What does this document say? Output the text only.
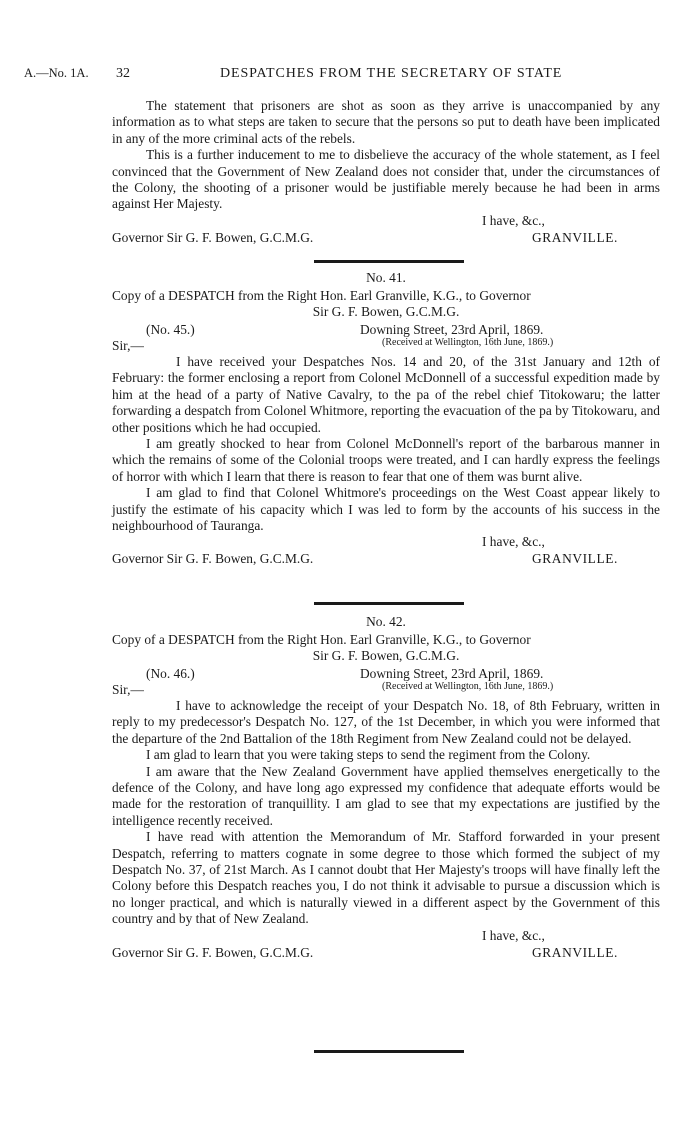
A.—No. 1A. 32	DESPATCHES FROM THE SECRETARY OF STATE

The statement that prisoners are shot as soon as they arrive is unaccompanied by any information as to what steps are taken to secure that the persons so put to death have been implicated in any of the more criminal acts of the rebels.

This is a further inducement to me to disbelieve the accuracy of the whole statement, as I feel convinced that the Government of New Zealand does not consider that, under the circumstances of the Colony, the shooting of a prisoner would be justifiable merely because he had been in arms against Her Majesty.

I have, &c.,
Governor Sir G. F. Bowen, G.C.M.G.	GRANVILLE.
No. 41.
Copy of a DESPATCH from the Right Hon. Earl Granville, K.G., to Governor
Sir G. F. Bowen, G.C.M.G.
(No. 45.)	Downing Street, 23rd April, 1869.
Sir,—	(Received at Wellington, 16th June, 1869.)

I have received your Despatches Nos. 14 and 20, of the 31st January and 12th of February: the former enclosing a report from Colonel McDonnell of a successful expedition made by him at the head of a party of Native Cavalry, to the pa of the rebel chief Titokowaru; the latter forwarding a despatch from Colonel Whitmore, reporting the evacuation of the pa by Titokowaru, and other positions which he had occupied.

I am greatly shocked to hear from Colonel McDonnell's report of the barbarous manner in which the remains of some of the Colonial troops were treated, and I can hardly express the feelings of horror with which I learn that there is reason to fear that one of them was burnt alive.

I am glad to find that Colonel Whitmore's proceedings on the West Coast appear likely to justify the estimate of his capacity which I was led to form by the accounts of his success in the neighbourhood of Tauranga.

I have, &c.,
Governor Sir G. F. Bowen, G.C.M.G.	GRANVILLE.
No. 42.
Copy of a DESPATCH from the Right Hon. Earl Granville, K.G., to Governor
Sir G. F. Bowen, G.C.M.G.
(No. 46.)	Downing Street, 23rd April, 1869.
Sir,—	(Received at Wellington, 16th June, 1869.)

I have to acknowledge the receipt of your Despatch No. 18, of 8th February, written in reply to my predecessor's Despatch No. 127, of the 1st December, in which you were informed that the departure of the 2nd Battalion of the 18th Regiment from New Zealand could not be delayed.

I am glad to learn that you were taking steps to send the regiment from the Colony.

I am aware that the New Zealand Government have applied themselves energetically to the defence of the Colony, and have long ago expressed my confidence that adequate efforts would be made for the restoration of tranquillity. I am glad to see that my expectations are justified by the intelligence recently received.

I have read with attention the Memorandum of Mr. Stafford forwarded in your present Despatch, referring to matters cognate in some degree to those which formed the subject of my Despatch No. 37, of 21st March. As I cannot doubt that Her Majesty's troops will have finally left the Colony before this Despatch reaches you, I do not think it advisable to pursue a discussion which is no longer practical, and which is naturally viewed in a different aspect by the Government of this country and by that of New Zealand.

I have, &c.,
Governor Sir G. F. Bowen, G.C.M.G.	GRANVILLE.
